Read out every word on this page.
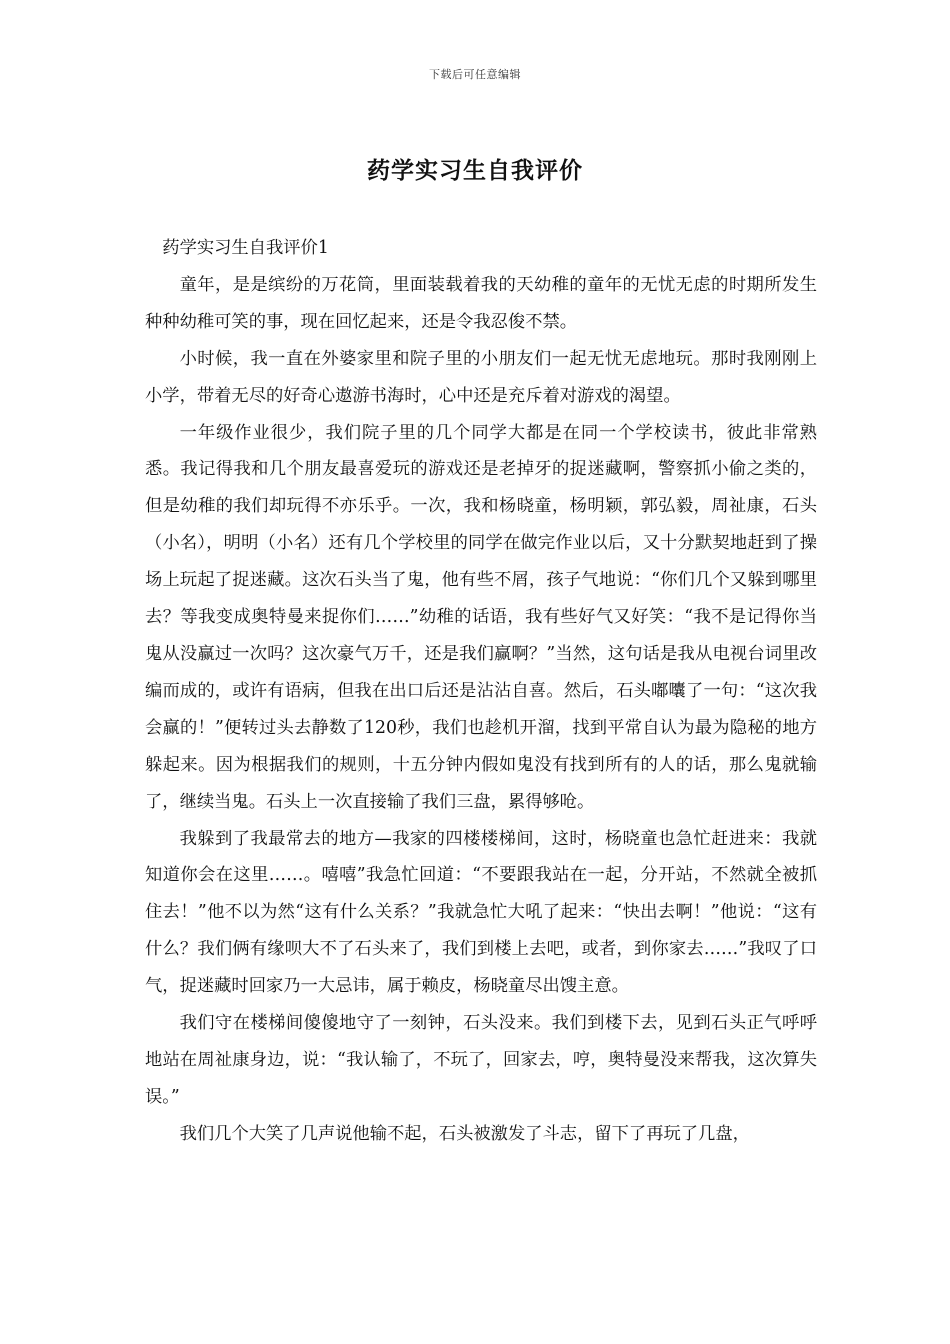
下载后可任意编辑
药学实习生自我评价

药学实习生自我评价1

童年，是是缤纷的万花筒，里面装载着我的天幼稚的童年的无忧无虑的时期所发生种种幼稚可笑的事，现在回忆起来，还是令我忍俊不禁。

小时候，我一直在外婆家里和院子里的小朋友们一起无忧无虑地玩。那时我刚刚上小学，带着无尽的好奇心遨游书海时，心中还是充斥着对游戏的渴望。

一年级作业很少，我们院子里的几个同学大都是在同一个学校读书，彼此非常熟悉。我记得我和几个朋友最喜爱玩的游戏还是老掉牙的捉迷藏啊，警察抓小偷之类的，但是幼稚的我们却玩得不亦乐乎。一次，我和杨晓童，杨明颖，郭弘毅，周祉康，石头（小名），明明（小名）还有几个学校里的同学在做完作业以后，又十分默契地赶到了操场上玩起了捉迷藏。这次石头当了鬼，他有些不屑，孩子气地说：“你们几个又躲到哪里去？等我变成奥特曼来捉你们……”幼稚的话语，我有些好气又好笑：“我不是记得你当鬼从没赢过一次吗？这次豪气万千，还是我们赢啊？”当然，这句话是我从电视台词里改编而成的，或许有语病，但我在出口后还是沾沾自喜。然后，石头嘟囔了一句：“这次我会赢的！”便转过头去静数了120秒，我们也趁机开溜，找到平常自认为最为隐秘的地方躲起来。因为根据我们的规则，十五分钟内假如鬼没有找到所有的人的话，那么鬼就输了，继续当鬼。石头上一次直接输了我们三盘，累得够呛。

我躲到了我最常去的地方—我家的四楼楼梯间，这时，杨晓童也急忙赶进来：我就知道你会在这里……。嘻嘻”我急忙回道：“不要跟我站在一起，分开站，不然就全被抓住去！”他不以为然“这有什么关系？”我就急忙大吼了起来：“快出去啊！”他说：“这有什么？我们俩有缘呗大不了石头来了，我们到楼上去吧，或者，到你家去……”我叹了口气，捉迷藏时回家乃一大忌讳，属于赖皮，杨晓童尽出馊主意。

我们守在楼梯间傻傻地守了一刻钟，石头没来。我们到楼下去，见到石头正气呼呼地站在周祉康身边，说：“我认输了，不玩了，回家去，哼，奥特曼没来帮我，这次算失误。”

我们几个大笑了几声说他输不起，石头被激发了斗志，留下了再玩了几盘，
